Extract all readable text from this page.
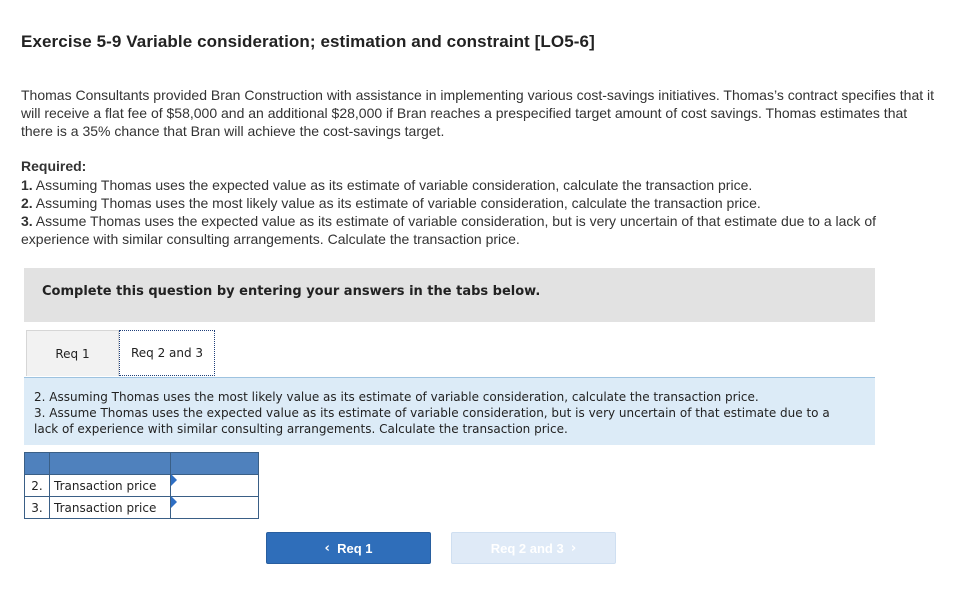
Exercise 5-9 Variable consideration; estimation and constraint [LO5-6]
Thomas Consultants provided Bran Construction with assistance in implementing various cost-savings initiatives. Thomas’s contract specifies that it will receive a flat fee of $58,000 and an additional $28,000 if Bran reaches a prespecified target amount of cost savings. Thomas estimates that there is a 35% chance that Bran will achieve the cost-savings target.
Required:
1. Assuming Thomas uses the expected value as its estimate of variable consideration, calculate the transaction price.
2. Assuming Thomas uses the most likely value as its estimate of variable consideration, calculate the transaction price.
3. Assume Thomas uses the expected value as its estimate of variable consideration, but is very uncertain of that estimate due to a lack of experience with similar consulting arrangements. Calculate the transaction price.
Complete this question by entering your answers in the tabs below.
Req 1	Req 2 and 3

2. Assuming Thomas uses the most likely value as its estimate of variable consideration, calculate the transaction price.
3. Assume Thomas uses the expected value as its estimate of variable consideration, but is very uncertain of that estimate due to a lack of experience with similar consulting arrangements. Calculate the transaction price.

2.	Transaction price	

3.	Transaction price	
‹
Req 1	Req 2 and 3
›
